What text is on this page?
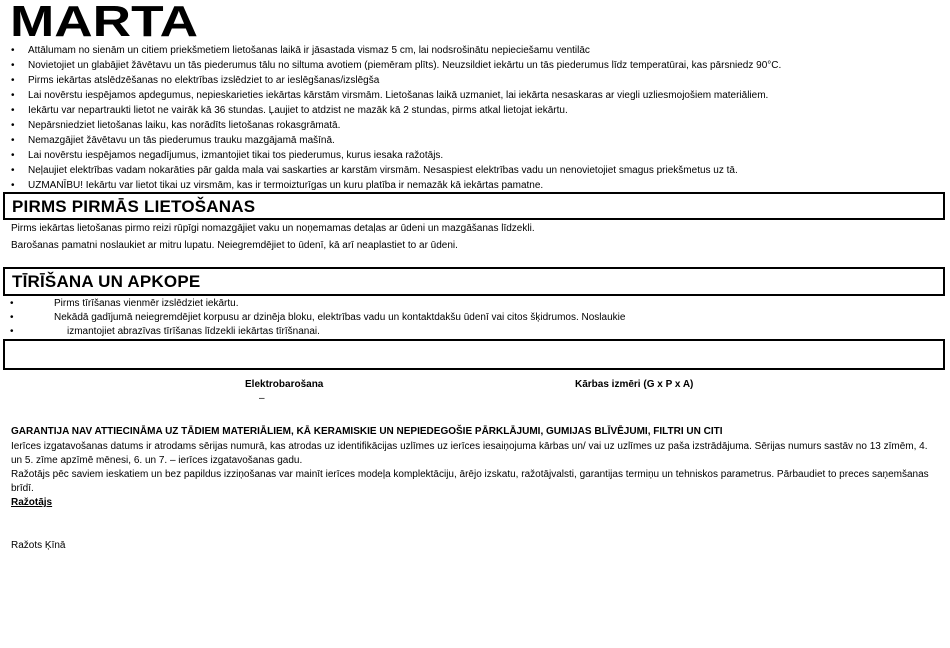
MARTA
• Attālumam no sienām un citiem priekšmetiem lietošanas laikā ir jāsastada vismaz 5 cm, lai nodsrošinātu nepieciešamu ventilāc
• Novietojiet un glabājiet žāvētavu un tās piederumus tālu no siltuma avotiem (piemēram plīts). Neuzsildiet iekārtu un tās piederumus līdz temperatūrai, kas pārsniedz 90°C.
• Pirms iekārtas atslēdzēšanas no elektrības izslēdziet to ar ieslēgšanas/izslēgša
• Lai novērstu iespējamos apdegumus, nepieskarieties iekārtas kārstām virsmām. Lietošanas laikā uzmaniet, lai iekārta nesaskaras ar viegli uzliesmojošiem materiāliem.
• Iekārtu var nepartraukti lietot ne vairāk kā 36 stundas. Ļaujiet to atdzist ne mazāk kā 2 stundas, pirms atkal lietojat iekārtu.
• Nepārsniedziet lietošanas laiku, kas norādīts lietošanas rokasgrāmatā.
• Nemazgājiet žāvētavu un tās piederumus trauku mazgājamā mašīnā.
• Lai novērstu iespējamos negadījumus, izmantojiet tikai tos piederumus, kurus iesaka ražotājs.
• Neļaujiet elektrības vadam nokarāties pār galda mala vai saskarties ar karstām virsmām. Nesaspiest elektrības vadu un nenovietojiet smagus priekšmetus uz tā.
• UZMANĪBU! Iekārtu var lietot tikai uz virsmām, kas ir termoizturīgas un kuru platība ir nemazāk kā iekārtas pamatne.
PIRMS PIRMĀS LIETOŠANAS

Pirms iekārtas lietošanas pirmo reizi rūpīgi nomazgājiet vaku un noņemamas detaļas ar ūdeni un mazgāšanas līdzekli.

Barošanas pamatni noslaukiet ar mitru lupatu. Neiegremdējiet to ūdenī, kā arī neaplastiet to ar ūdeni.

TĪRĪŠANA UN APKOPE
•	Pirms tīrīšanas vienmēr izslēdziet iekārtu.
•	Nekādā gadījumā neiegremdējiet korpusu ar dzinēja bloku, elektrības vadu un kontaktdakšu ūdenī vai citos šķidrumos. Noslaukie
•	izmantojiet abrazīvas tīrīšanas līdzekli iekārtas tīrīšnanai.
Elektrobarošana
–
Kārbas izmēri (G x P x A)

GARANTIJA NAV ATTIECINĀMA UZ TĀDIEM MATERIĀLIEM, KĀ KERAMISKIE UN NEPIEDEGOŠIE PĀRKLĀJUMI, GUMIJAS BLĪVĒJUMI, FILTRI UN CITI

Ierīces izgatavošanas datums ir atrodams sērijas numurā, kas atrodas uz identifikācijas uzlīmes uz ierīces iesaiņojuma kārbas un/ vai uz uzlīmes uz paša izstrādājuma. Sērijas numurs sastāv no 13 zīmēm, 4. un 5. zīme apzīmē mēnesi, 6. un 7. – ierīces izgatavošanas gadu.

Ražotājs pēc saviem ieskatiem un bez papildus izziņošanas var mainīt ierīces modeļa komplektāciju, ārējo izskatu, ražotājvalsti, garantijas termiņu un tehniskos parametrus. Pārbaudiet to preces saņemšanas brīdī.

Ražotājs
Ražots Ķīnā
